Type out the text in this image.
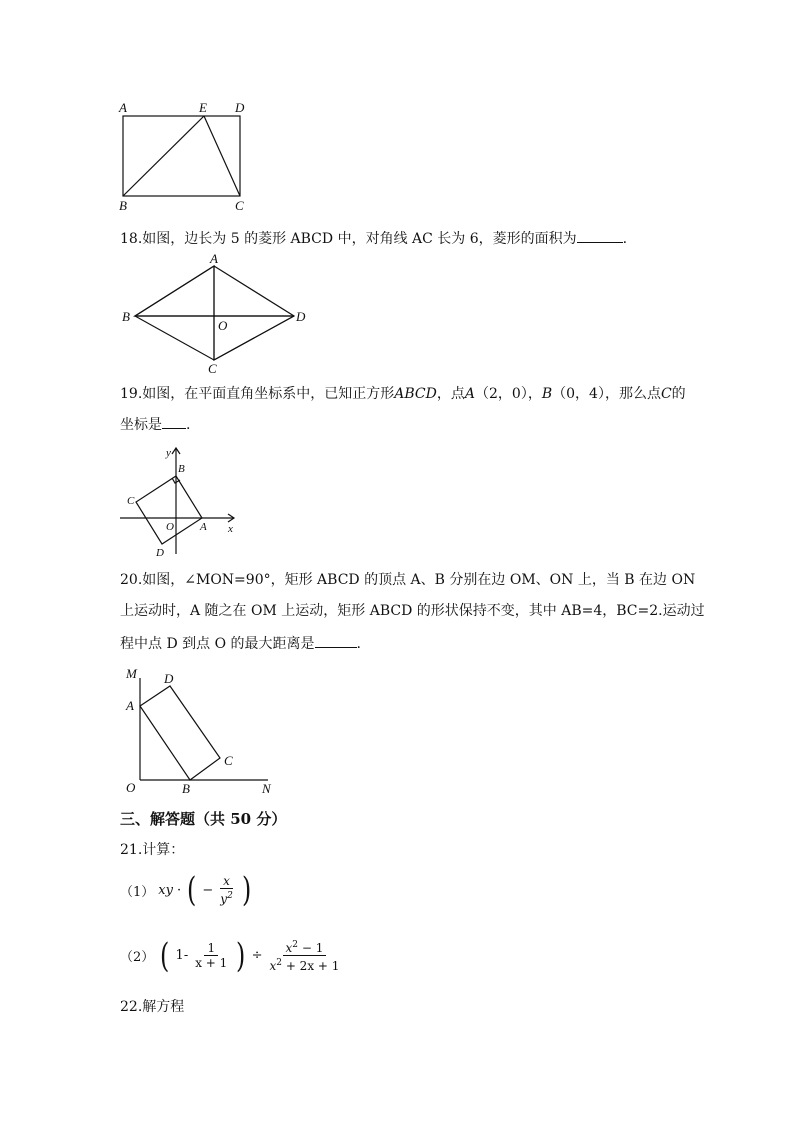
A	E D
B	C
18.如图，边长为 5 的菱形 ABCD 中，对角线 AC 长为 6，菱形的面积为	.
A
B	D
O
C
19.如图，在平面直角坐标系中，已知正方形ABCD，点A（2，0），B（0，4），那么点C的
坐标是 .
y
x
B
C
O A
D
20.如图，∠MON=90°，矩形 ABCD 的顶点 A、B 分别在边 OM、ON 上，当 B 在边 ON
上运动时，A 随之在 OM 上运动，矩形 ABCD 的形状保持不变，其中 AB=4，BC=2.运动过
程中点 D 到点 O 的最大距离是	.
M D
A
C
O	B	N
三、解答题（共 50 分）
21.计算：
（1） xy · ( − $\frac{x}{y^2}$ )
（2） ( $1- \frac{1}{x + 1}$ ) ÷ $\frac{x^2 - 1}{x^2 + 2x + 1}$
22.解方程
